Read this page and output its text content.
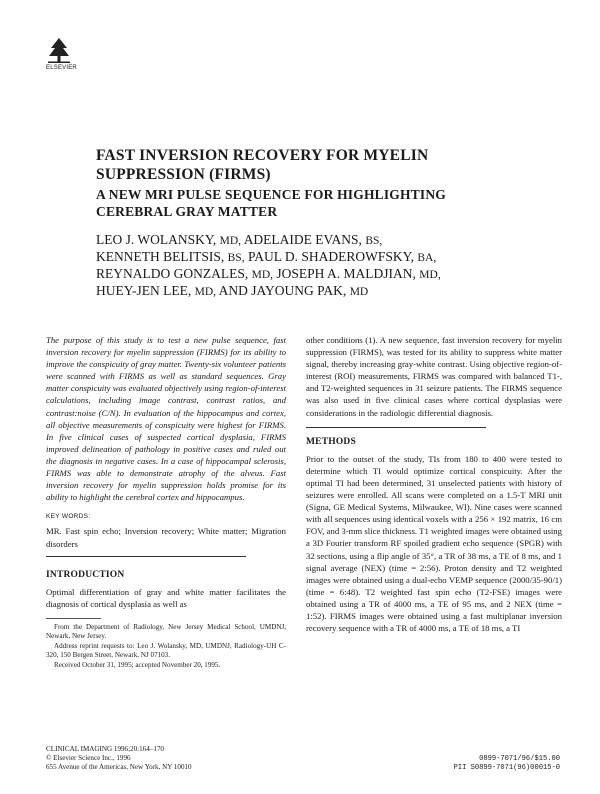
ELSEVIER
FAST INVERSION RECOVERY FOR MYELIN
SUPPRESSION (FIRMS)
A NEW MRI PULSE SEQUENCE FOR HIGHLIGHTING
CEREBRAL GRAY MATTER
LEO J. WOLANSKY, MD, ADELAIDE EVANS, BS,
KENNETH BELITSIS, BS, PAUL D. SHADEROWFSKY, BA,
REYNALDO GONZALES, MD, JOSEPH A. MALDJIAN, MD,
HUEY-JEN LEE, MD, AND JAYOUNG PAK, MD

The purpose of this study is to test a new pulse sequence, fast inversion recovery for myelin suppression (FIRMS) for its ability to improve the conspicuity of gray matter. Twenty-six volunteer patients were scanned with FIRMS as well as standard sequences. Gray matter conspicuity was evaluated objectively using region-of-interest calculations, including image contrast, contrast ratios, and contrast:noise (C/N). In evaluation of the hippocampus and cortex, all objective measurements of conspicuity were highest for FIRMS. In five clinical cases of suspected cortical dysplasia, FIRMS improved delineation of pathology in positive cases and ruled out the diagnosis in negative cases. In a case of hippocampal sclerosis, FIRMS was able to demonstrate atrophy of the alveus. Fast inversion recovery for myelin suppression holds promise for its ability to highlight the cerebral cortex and hippocampus.

KEY WORDS:

MR. Fast spin echo; Inversion recovery; White matter; Migration disorders

INTRODUCTION

Optimal differentiation of gray and white matter facilitates the diagnosis of cortical dysplasia as well as

From the Department of Radiology, New Jersey Medical School, UMDNJ, Newark, New Jersey.

Address reprint requests to: Leo J. Wolansky, MD, UMDNJ, Radiology-UH C-320, 150 Bergen Street, Newark, NJ 07103.

Received October 31, 1995; accepted November 20, 1995.

other conditions (1). A new sequence, fast inversion recovery for myelin suppression (FIRMS), was tested for its ability to suppress white matter signal, thereby increasing gray-white contrast. Using objective region-of-interest (ROI) measurements, FIRMS was compared with balanced T1-, and T2-weighted sequences in 31 seizure patients. The FIRMS sequence was also used in five clinical cases where cortical dysplasias were considerations in the radiologic differential diagnosis.

METHODS

Prior to the outset of the study, TIs from 180 to 400 were tested to determine which TI would optimize cortical conspicuity. After the optimal TI had been determined, 31 unselected patients with history of seizures were enrolled. All scans were completed on a 1.5-T MRI unit (Signa, GE Medical Systems, Milwaukee, WI). Nine cases were scanned with all sequences using identical voxels with a 256 × 192 matrix, 16 cm FOV, and 3-mm slice thickness. T1 weighted images were obtained using a 3D Fourier transform RF spoiled gradient echo sequence (SPGR) with 32 sections, using a flip angle of 35°, a TR of 38 ms, a TE of 8 ms, and 1 signal average (NEX) (time = 2:56). Proton density and T2 weighted images were obtained using a dual-echo VEMP sequence (2000/35-90/1) (time = 6:48). T2 weighted fast spin echo (T2-FSE) images were obtained using a TR of 4000 ms, a TE of 95 ms, and 2 NEX (time = 1:52). FIRMS images were obtained using a fast multiplanar inversion recovery sequence with a TR of 4000 ms, a TE of 18 ms, a TI

CLINICAL IMAGING 1996;20:164–170
© Elsevier Science Inc., 1996
655 Avenue of the Americas, New York, NY 10010
0899-7071/96/$15.00
PII S0899-7071(96)00015-0
